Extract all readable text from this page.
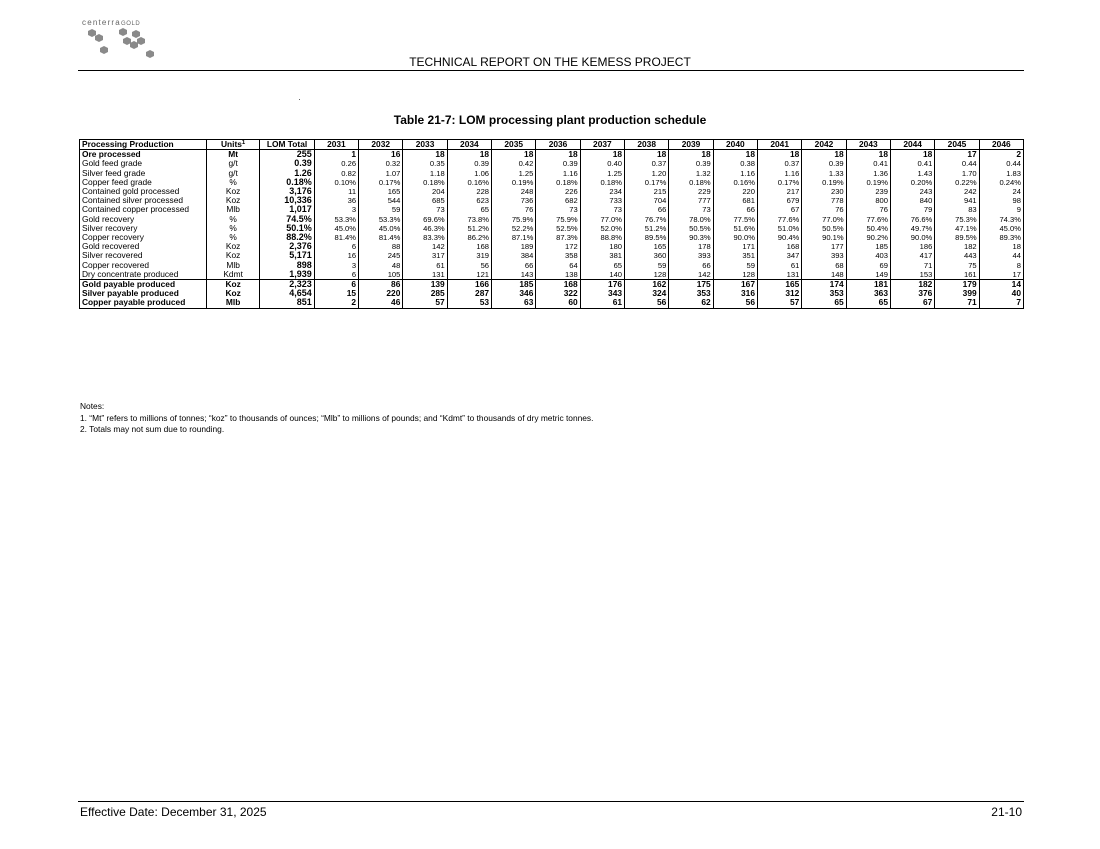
centerraGOLD
TECHNICAL REPORT ON THE KEMESS PROJECT
Table 21-7: LOM processing plant production schedule
Processing Production	Units$^1$	LOM Total	2031	2032	2033	2034	2035	2036	2037	2038	2039	2040	2041	2042	2043	2044	2045	2046
Ore processed	Mt	255	1	16	18	18	18	18	18	18	18	18	18	18	18	18	17	2
Gold feed grade	g/t	0.39	0.26	0.32	0.35	0.39	0.42	0.39	0.40	0.37	0.39	0.38	0.37	0.39	0.41	0.41	0.44	0.44
Silver feed grade	g/t	1.26	0.82	1.07	1.18	1.06	1.25	1.16	1.25	1.20	1.32	1.16	1.16	1.33	1.36	1.43	1.70	1.83
Copper feed grade	%	0.18%	0.10%	0.17%	0.18%	0.16%	0.19%	0.18%	0.18%	0.17%	0.18%	0.16%	0.17%	0.19%	0.19%	0.20%	0.22%	0.24%
Contained gold processed	Koz	3,176	11	165	204	228	248	226	234	215	229	220	217	230	239	243	242	24
Contained silver processed	Koz	10,336	36	544	685	623	736	682	733	704	777	681	679	778	800	840	941	98
Contained copper processed	Mlb	1,017	3	59	73	65	76	73	73	66	73	66	67	76	76	79	83	9
Gold recovery	%	74.5%	53.3%	53.3%	69.6%	73.8%	75.9%	75.9%	77.0%	76.7%	78.0%	77.5%	77.6%	77.0%	77.6%	76.6%	75.3%	74.3%
Silver recovery	%	50.1%	45.0%	45.0%	46.3%	51.2%	52.2%	52.5%	52.0%	51.2%	50.5%	51.6%	51.0%	50.5%	50.4%	49.7%	47.1%	45.0%
Copper recovery	%	88.2%	81.4%	81.4%	83.3%	86.2%	87.1%	87.3%	88.8%	89.5%	90.3%	90.0%	90.4%	90.1%	90.2%	90.0%	89.5%	89.3%
Gold recovered	Koz	2,376	6	88	142	168	189	172	180	165	178	171	168	177	185	186	182	18
Silver recovered	Koz	5,171	16	245	317	319	384	358	381	360	393	351	347	393	403	417	443	44
Copper recovered	Mlb	898	3	48	61	56	66	64	65	59	66	59	61	68	69	71	75	8
Dry concentrate produced	Kdmt	1,939	6	105	131	121	143	138	140	128	142	128	131	148	149	153	161	17
Gold payable produced	Koz	2,323	6	86	139	166	185	168	176	162	175	167	165	174	181	182	179	14
Silver payable produced	Koz	4,654	15	220	285	287	346	322	343	324	353	316	312	353	363	376	399	40
Copper payable produced	Mlb	851	2	46	57	53	63	60	61	56	62	56	57	65	65	67	71	7
Notes:
1. “Mt” refers to millions of tonnes; “koz” to thousands of ounces; “Mlb” to millions of pounds; and “Kdmt” to thousands of dry metric tonnes.
2. Totals may not sum due to rounding.
Effective Date: December 31, 2025	21-10
